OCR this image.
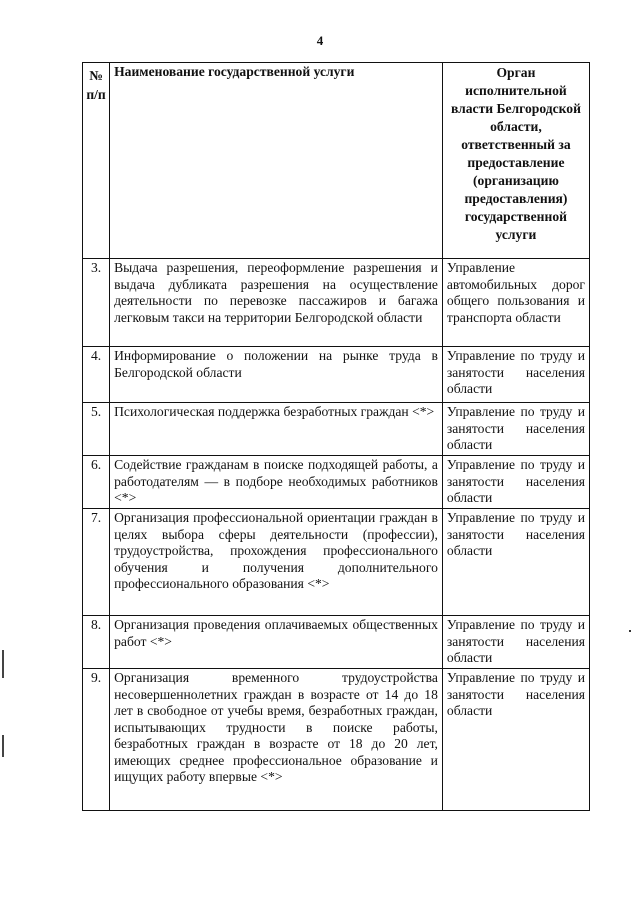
4
№ п/п	Наименование государственной услуги	Орган исполнительной власти Белгородской области, ответственный за предоставление (организацию предоставления) государственной услуги
3.	Выдача разрешения, переоформление разрешения и выдача дубликата разрешения на осуществление деятельности по перевозке пассажиров и багажа легковым такси на территории Белгородской области	Управление автомобильных дорог общего пользования и транспорта области
4.	Информирование о положении на рынке труда в Белгородской области	Управление по труду и занятости населения области
5.	Психологическая поддержка безработных граждан <*>	Управление по труду и занятости населения области
6.	Содействие гражданам в поиске подходящей работы, а работодателям — в подборе необходимых работников <*>	Управление по труду и занятости населения области
7.	Организация профессиональной ориентации граждан в целях выбора сферы деятельности (профессии), трудоустройства, прохождения профессионального обучения и получения дополнительного профессионального образования <*>	Управление по труду и занятости населения области
8.	Организация проведения оплачиваемых общественных работ <*>	Управление по труду и занятости населения области
9.	Организация временного трудоустройства несовершеннолетних граждан в возрасте от 14 до 18 лет в свободное от учебы время, безработных граждан, испытывающих трудности в поиске работы, безработных граждан в возрасте от 18 до 20 лет, имеющих среднее профессиональное образование и ищущих работу впервые <*>	Управление по труду и занятости населения области
